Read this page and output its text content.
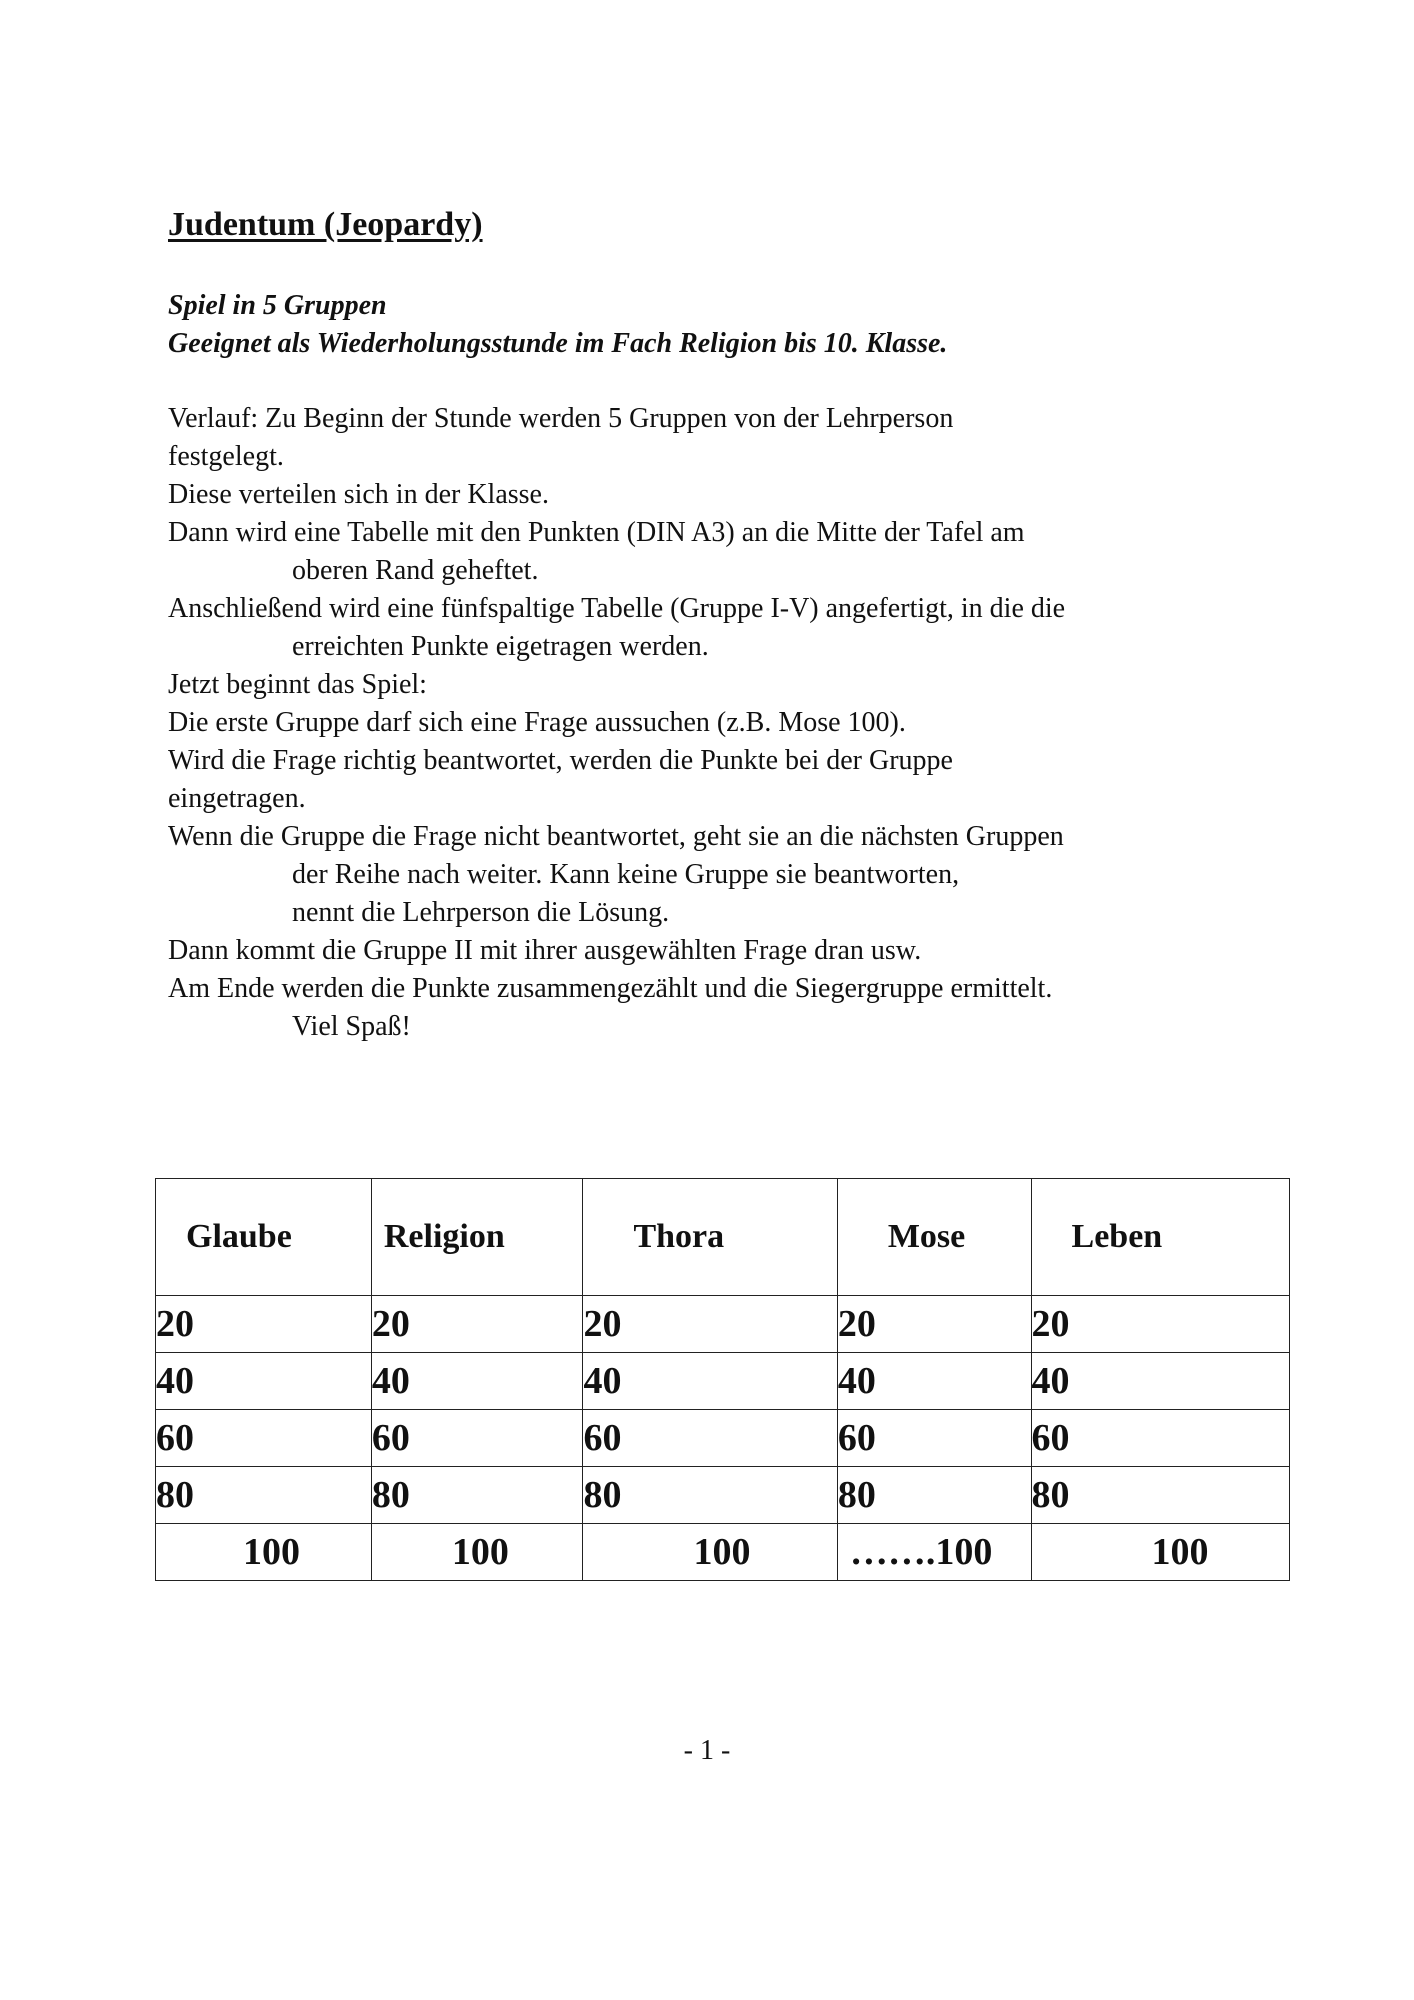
Judentum (Jeopardy)

Spiel in 5 Gruppen

Geeignet als Wiederholungsstunde im Fach Religion bis 10. Klasse.

Verlauf: Zu Beginn der Stunde werden 5 Gruppen von der Lehrperson
festgelegt.
Diese verteilen sich in der Klasse.
Dann wird eine Tabelle mit den Punkten (DIN A3) an die Mitte der Tafel am
oberen Rand geheftet.
Anschließend wird eine fünfspaltige Tabelle (Gruppe I-V) angefertigt, in die die
erreichten Punkte eigetragen werden.
Jetzt beginnt das Spiel:
Die erste Gruppe darf sich eine Frage aussuchen (z.B. Mose 100).
Wird die Frage richtig beantwortet, werden die Punkte bei der Gruppe
eingetragen.
Wenn die Gruppe die Frage nicht beantwortet, geht sie an die nächsten Gruppen
der Reihe nach weiter. Kann keine Gruppe sie beantworten,
nennt die Lehrperson die Lösung.
Dann kommt die Gruppe II mit ihrer ausgewählten Frage dran usw.
Am Ende werden die Punkte zusammengezählt und die Siegergruppe ermittelt.
Viel Spaß!
Glaube	Religion	Thora	Mose	Leben
20	20	20	20	20
40	40	40	40	40
60	60	60	60	60
80	80	80	80	80
100	100	100	…….100	100

- 1 -
